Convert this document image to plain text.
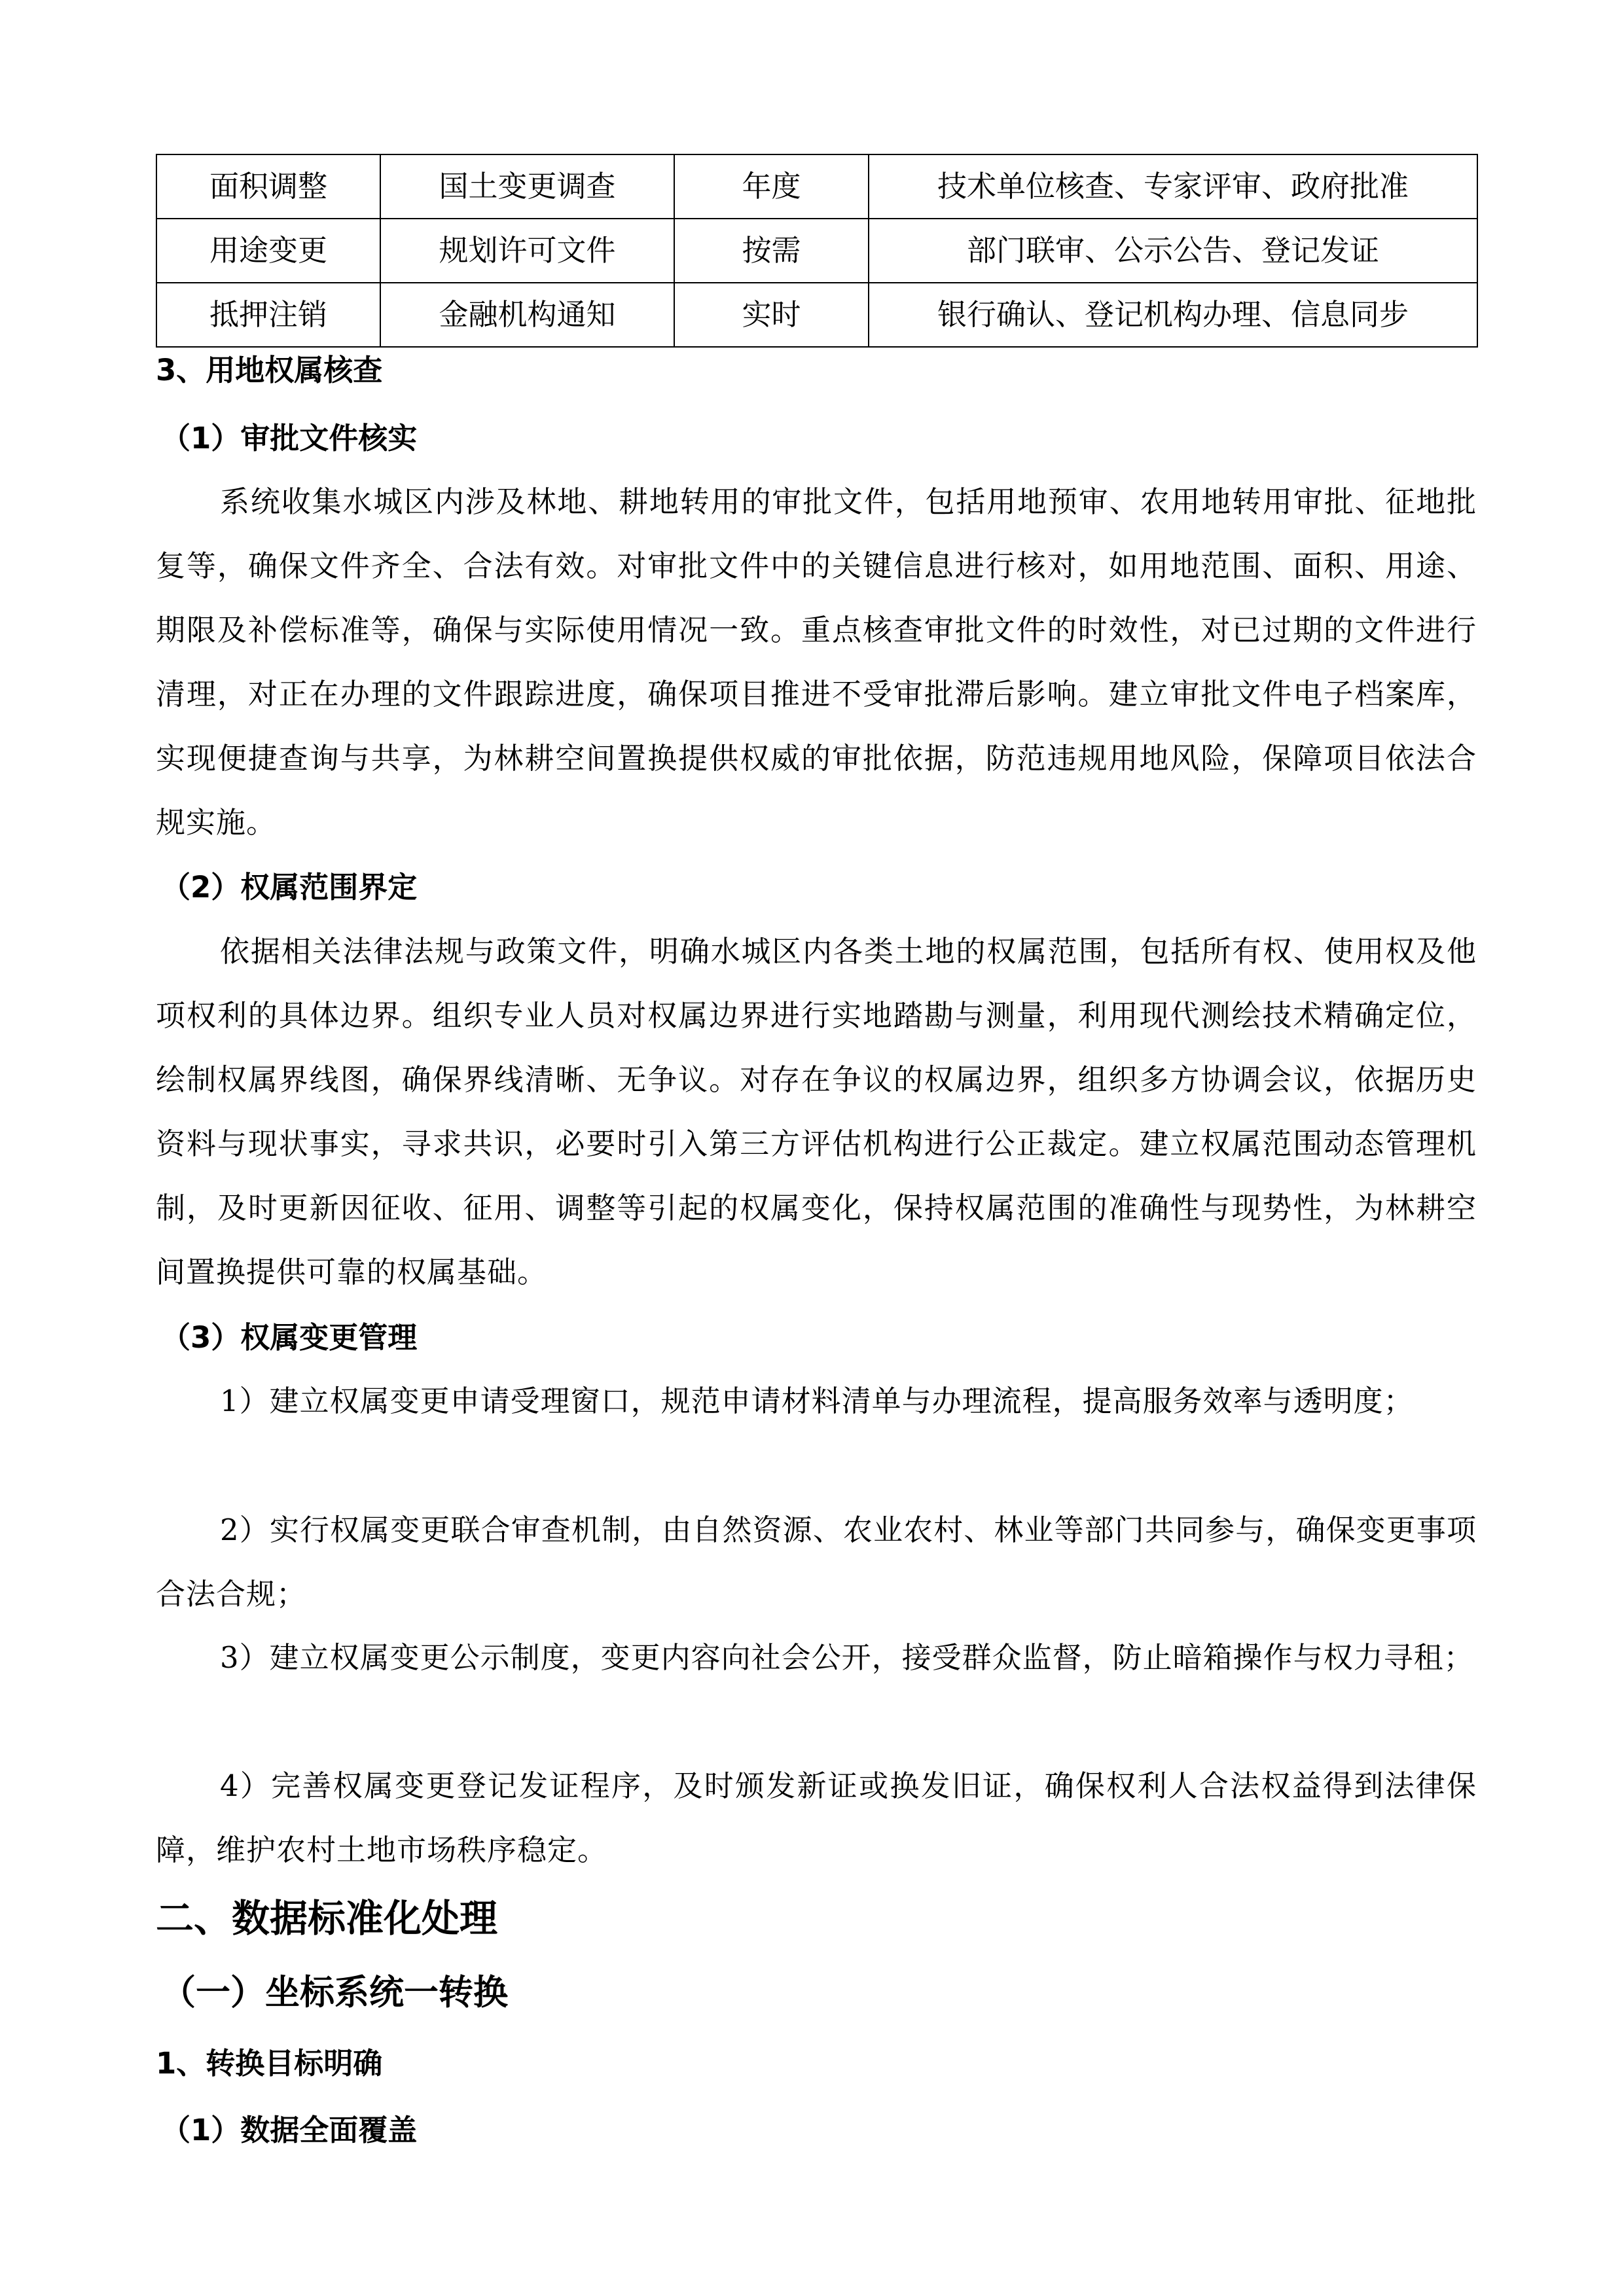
面积调整	国土变更调查	年度	技术单位核查、专家评审、政府批准
用途变更	规划许可文件	按需	部门联审、公示公告、登记发证
抵押注销	金融机构通知	实时	银行确认、登记机构办理、信息同步
3、用地权属核查
（1）审批文件核实
系统收集水城区内涉及林地、耕地转用的审批文件，包括用地预审、农用地转用审批、征地批复等，确保文件齐全、合法有效。对审批文件中的关键信息进行核对，如用地范围、面积、用途、期限及补偿标准等，确保与实际使用情况一致。重点核查审批文件的时效性，对已过期的文件进行清理，对正在办理的文件跟踪进度，确保项目推进不受审批滞后影响。建立审批文件电子档案库，实现便捷查询与共享，为林耕空间置换提供权威的审批依据，防范违规用地风险，保障项目依法合规实施。
（2）权属范围界定
依据相关法律法规与政策文件，明确水城区内各类土地的权属范围，包括所有权、使用权及他项权利的具体边界。组织专业人员对权属边界进行实地踏勘与测量，利用现代测绘技术精确定位，绘制权属界线图，确保界线清晰、无争议。对存在争议的权属边界，组织多方协调会议，依据历史资料与现状事实，寻求共识，必要时引入第三方评估机构进行公正裁定。建立权属范围动态管理机制，及时更新因征收、征用、调整等引起的权属变化，保持权属范围的准确性与现势性，为林耕空间置换提供可靠的权属基础。
（3）权属变更管理
1）建立权属变更申请受理窗口，规范申请材料清单与办理流程，提高服务效率与透明度；
2）实行权属变更联合审查机制，由自然资源、农业农村、林业等部门共同参与，确保变更事项合法合规；
3）建立权属变更公示制度，变更内容向社会公开，接受群众监督，防止暗箱操作与权力寻租；
4）完善权属变更登记发证程序，及时颁发新证或换发旧证，确保权利人合法权益得到法律保障，维护农村土地市场秩序稳定。
二、数据标准化处理
（一）坐标系统一转换
1、转换目标明确
（1）数据全面覆盖
